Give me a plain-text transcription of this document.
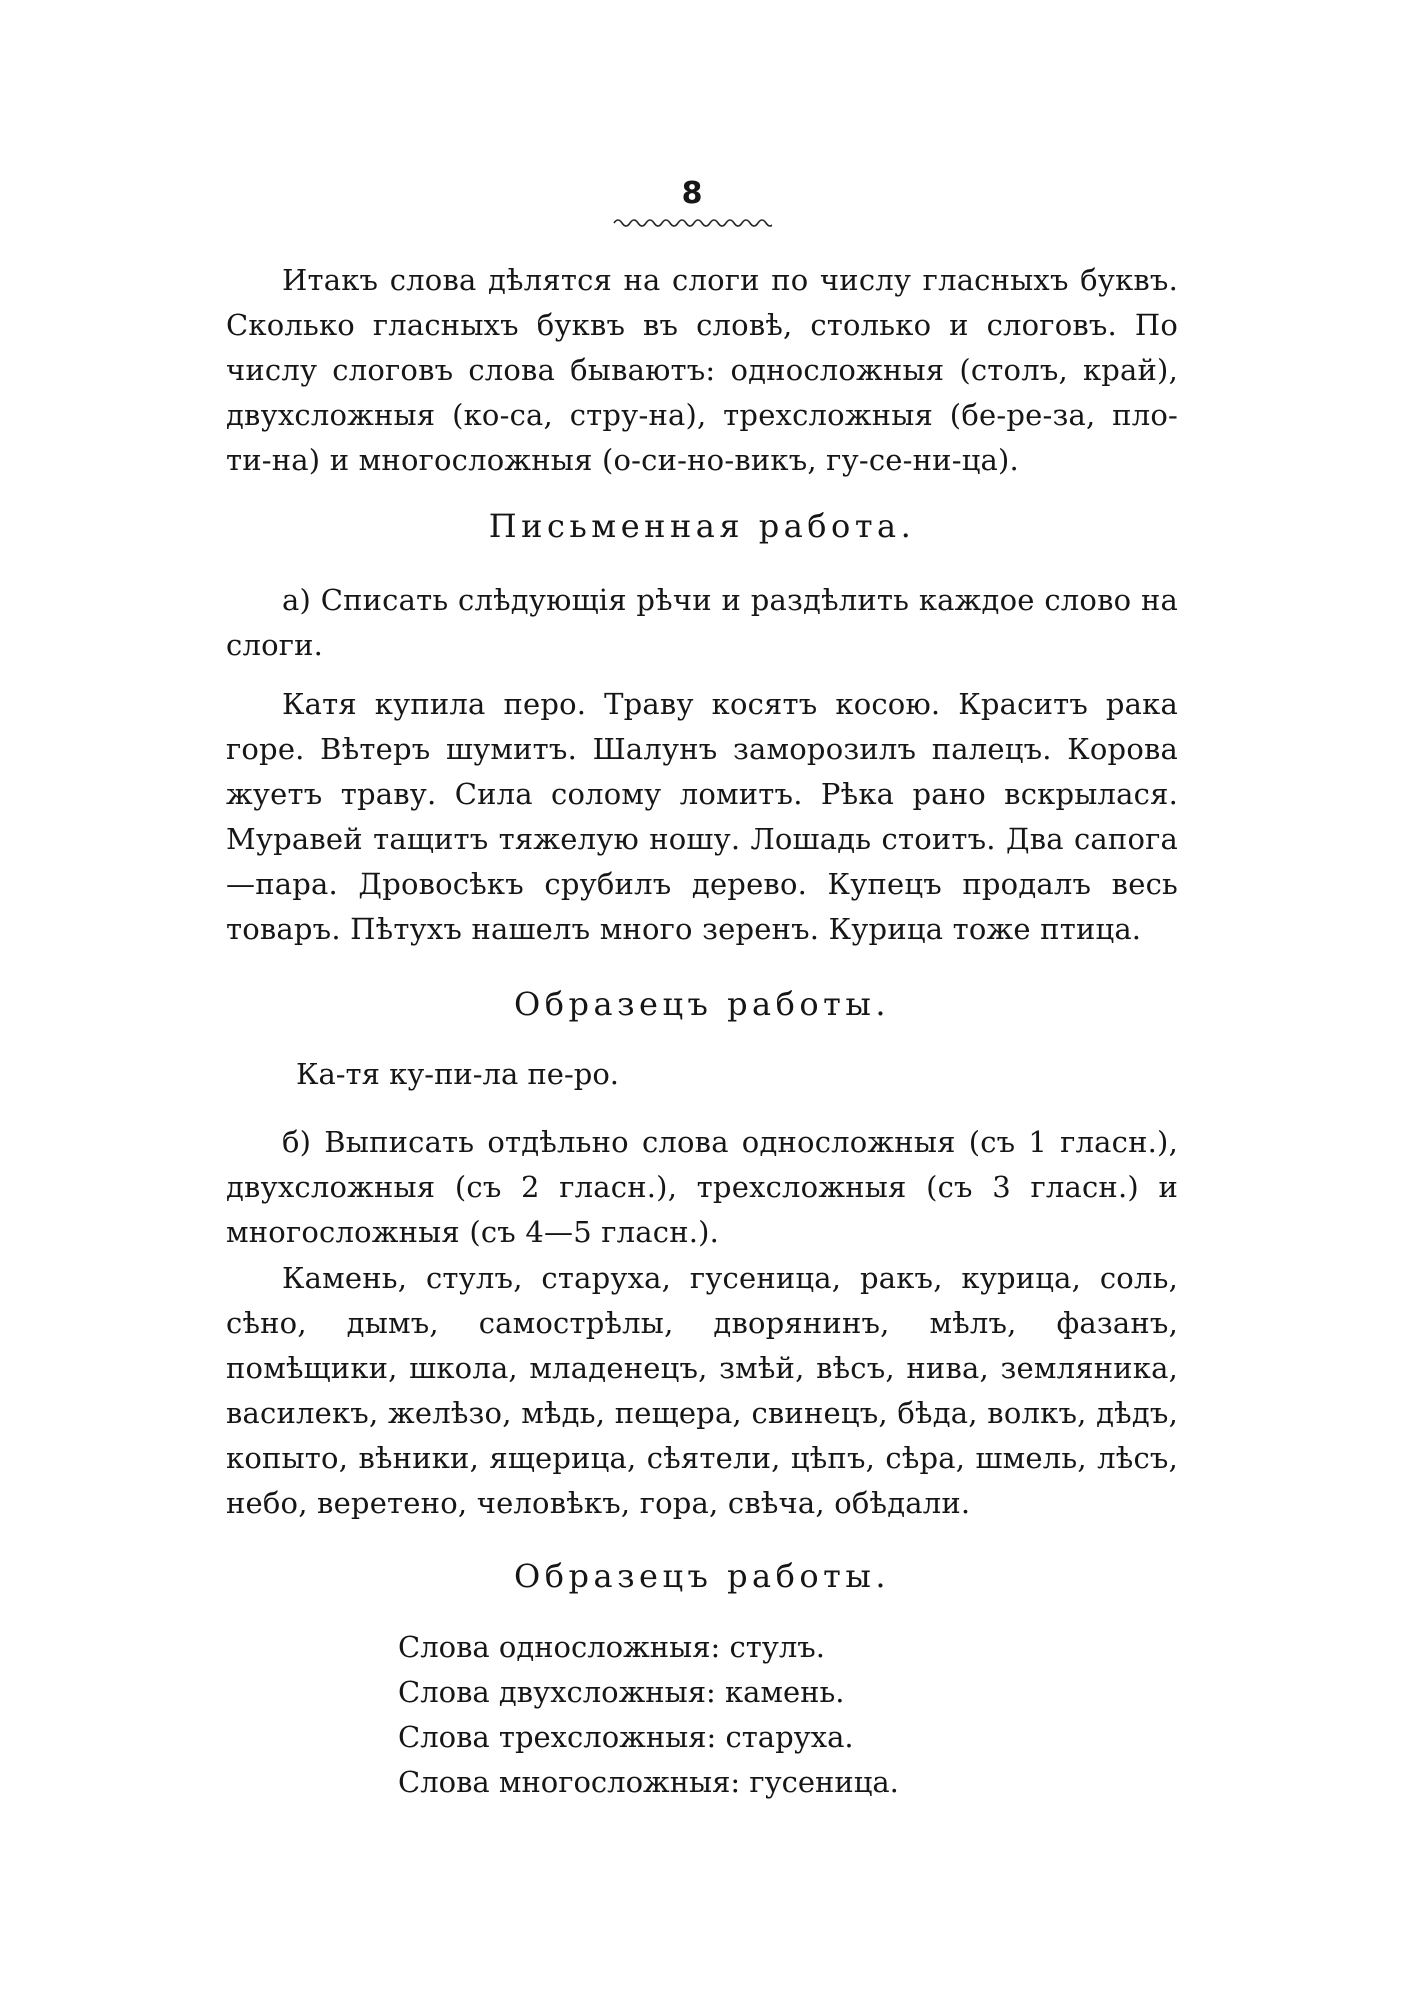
8
Итакъ слова дѣлятся на слоги по числу гласныхъ буквъ. Сколько гласныхъ буквъ въ словѣ, столько и слоговъ. По числу слоговъ слова бываютъ: односложныя (столъ, край), двухсложныя (ко-са, стру-на), трехсложныя (бе-ре-за, пло-ти-на) и многосложныя (о-си-но-викъ, гу-се-ни-ца).
Письменная работа.
а) Списать слѣдующія рѣчи и раздѣлить каждое слово на слоги.
Катя купила перо. Траву косятъ косою. Краситъ рака горе. Вѣтеръ шумитъ. Шалунъ заморозилъ палецъ. Корова жуетъ траву. Сила солому ломитъ. Рѣка рано вскрылася. Муравей тащитъ тяжелую ношу. Лошадь стоитъ. Два сапога—пара. Дровосѣкъ срубилъ дерево. Купецъ продалъ весь товаръ. Пѣтухъ нашелъ много зеренъ. Курица тоже птица.
Образецъ работы.
Ка-тя ку-пи-ла пе-ро.
б) Выписать отдѣльно слова односложныя (съ 1 гласн.), двухсложныя (съ 2 гласн.), трехсложныя (съ 3 гласн.) и многосложныя (съ 4—5 гласн.).
Камень, стулъ, старуха, гусеница, ракъ, курица, соль, сѣно, дымъ, самострѣлы, дворянинъ, мѣлъ, фазанъ, помѣщики, школа, младенецъ, змѣй, вѣсъ, нива, земляника, василекъ, желѣзо, мѣдь, пещера, свинецъ, бѣда, волкъ, дѣдъ, копыто, вѣники, ящерица, сѣятели, цѣпъ, сѣра, шмель, лѣсъ, небо, веретено, человѣкъ, гора, свѣча, обѣдали.
Образецъ работы.
Слова односложныя: стулъ.
Слова двухсложныя: камень.
Слова трехсложныя: старуха.
Слова многосложныя: гусеница.
